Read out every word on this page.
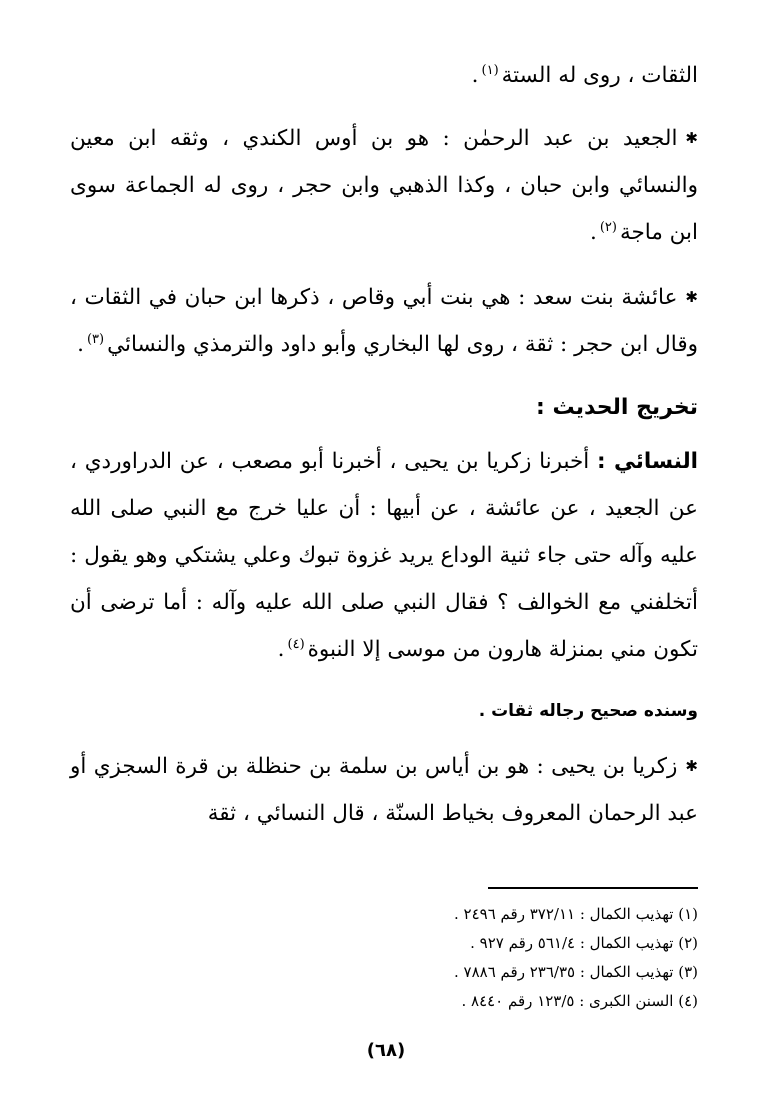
الثقات ، روى له الستة$^{(١)}$.

✱الجعيد بن عبد الرحمٰن : هو بن أوس الكندي ، وثقه ابن معين والنسائي وابن حبان ، وكذا الذهبي وابن حجر ، روى له الجماعة سوى ابن ماجة$^{(٢)}$.

✱عائشة بنت سعد : هي بنت أبي وقاص ، ذكرها ابن حبان في الثقات ، وقال ابن حجر : ثقة ، روى لها البخاري وأبو داود والترمذي والنسائي$^{(٣)}$.

تخريج الحديث :

النسائي : أخبرنا زكريا بن يحيى ، أخبرنا أبو مصعب ، عن الدراوردي ، عن الجعيد ، عن عائشة ، عن أبيها : أن عليا خرج مع النبي صلى الله عليه وآله حتى جاء ثنية الوداع يريد غزوة تبوك وعلي يشتكي وهو يقول : أتخلفني مع الخوالف ؟ فقال النبي صلى الله عليه وآله : أما ترضى أن تكون مني بمنزلة هارون من موسى إلا النبوة$^{(٤)}$.

وسنده صحيح رجاله ثقات .

✱زكريا بن يحيى : هو بن أياس بن سلمة بن حنظلة بن قرة السجزي أو عبد الرحمان المعروف بخياط السنّة ، قال النسائي ، ثقة

(١) تهذيب الكمال : ٣٧٢/١١ رقم ٢٤٩٦ .
(٢) تهذيب الكمال : ٥٦١/٤ رقم ٩٢٧ .
(٣) تهذيب الكمال : ٢٣٦/٣٥ رقم ٧٨٨٦ .
(٤) السنن الكبرى : ١٢٣/٥ رقم ٨٤٤٠ .
(٦٨)
